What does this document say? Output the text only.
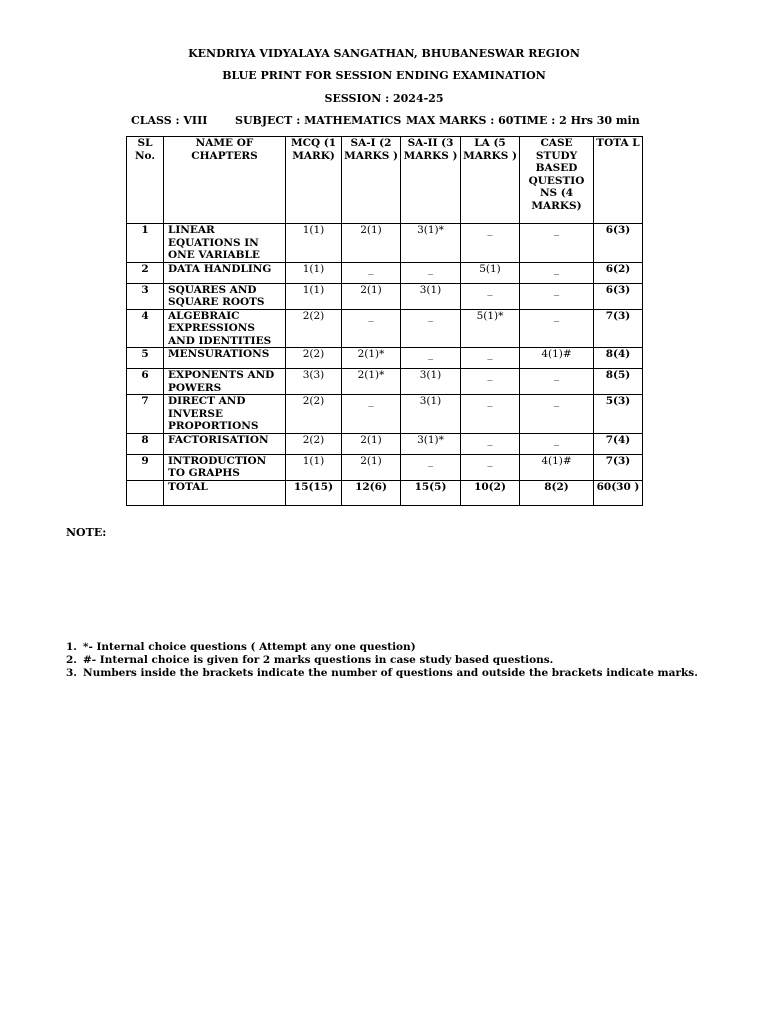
KENDRIYA VIDYALAYA SANGATHAN, BHUBANESWAR REGION
BLUE PRINT FOR SESSION ENDING EXAMINATION
SESSION : 2024-25
CLASS : VIII	SUBJECT : MATHEMATICS MAX MARKS : 60TIME : 2 Hrs 30 min
SL No.	NAME OF CHAPTERS	MCQ (1 MARK)	SA-I (2 MARKS )	SA-II (3 MARKS )	LA (5 MARKS )	CASE STUDY BASED QUESTIO NS (4 MARKS)	TOTA L
1	LINEAR EQUATIONS IN ONE VARIABLE	1(1)	2(1)	3(1)*	_	_	6(3)
2	DATA HANDLING	1(1)	_	_	5(1)	_	6(2)
3	SQUARES AND SQUARE ROOTS	1(1)	2(1)	3(1)	_	_	6(3)
4	ALGEBRAIC EXPRESSIONS AND IDENTITIES	2(2)	_	_	5(1)*	_	7(3)
5	MENSURATIONS	2(2)	2(1)*	_	_	4(1)#	8(4)
6	EXPONENTS AND POWERS	3(3)	2(1)*	3(1)	_	_	8(5)
7	DIRECT AND INVERSE PROPORTIONS	2(2)	_	3(1)	_	_	5(3)
8	FACTORISATION	2(2)	2(1)	3(1)*	_	_	7(4)
9	INTRODUCTION TO GRAPHS	1(1)	2(1)	_	_	4(1)#	7(3)
	TOTAL	15(15)	12(6)	15(5)	10(2)	8(2)	60(30 )
NOTE:
1. *- Internal choice questions ( Attempt any one question)
2. #- Internal choice is given for 2 marks questions in case study based questions.
3. Numbers inside the brackets indicate the number of questions and outside the brackets indicate marks.
